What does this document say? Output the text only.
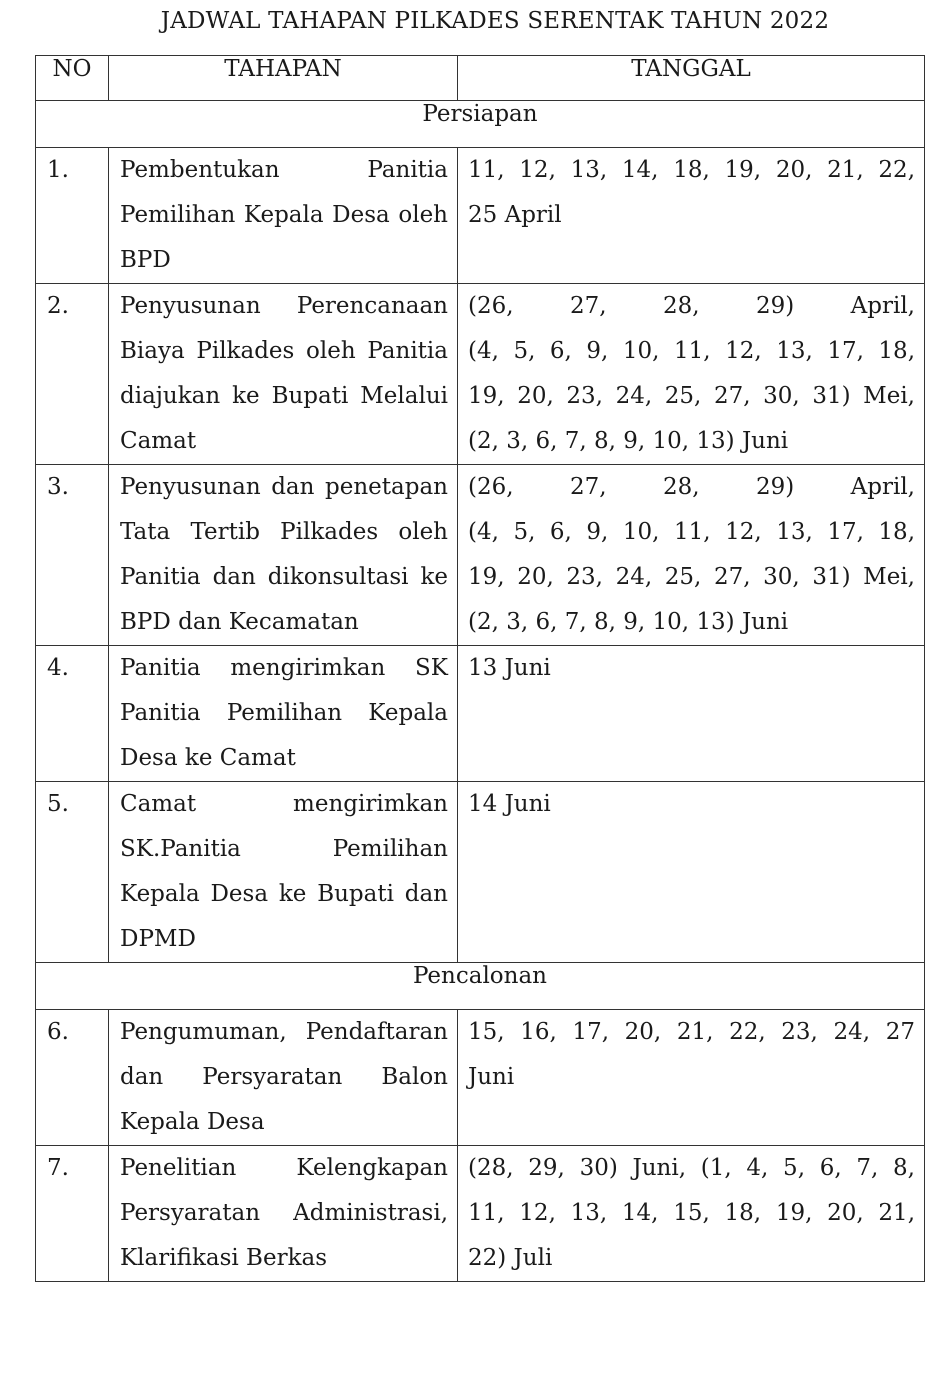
JADWAL TAHAPAN PILKADES SERENTAK TAHUN 2022
NO	TAHAPAN	TANGGAL
Persiapan		

1.	Pembentukan Panitia Pemilihan Kepala Desa oleh BPD	11, 12, 13, 14, 18, 19, 20, 21, 22,
25 April

2.	Penyusunan Perencanaan Biaya Pilkades oleh Panitia diajukan ke Bupati Melalui Camat	(26, 27, 28, 29) April,
(4, 5, 6, 9, 10, 11, 12, 13, 17, 18,
19, 20, 23, 24, 25, 27, 30, 31) Mei,
(2, 3, 6, 7, 8, 9, 10, 13) Juni

3.	Penyusunan dan penetapan Tata Tertib Pilkades oleh Panitia dan dikonsultasi ke BPD dan Kecamatan	(26, 27, 28, 29) April,
(4, 5, 6, 9, 10, 11, 12, 13, 17, 18,
19, 20, 23, 24, 25, 27, 30, 31) Mei,
(2, 3, 6, 7, 8, 9, 10, 13) Juni

4.	Panitia mengirimkan SK Panitia Pemilihan Kepala Desa ke Camat	13 Juni

5.	Camat mengirimkan SK.Panitia Pemilihan Kepala Desa ke Bupati dan DPMD	14 Juni

Pencalonan		

6.	Pengumuman, Pendaftaran dan Persyaratan Balon Kepala Desa	15, 16, 17, 20, 21, 22, 23, 24, 27
Juni

7.	Penelitian Kelengkapan Persyaratan Administrasi, Klarifikasi Berkas	(28, 29, 30) Juni, (1, 4, 5, 6, 7, 8,
11, 12, 13, 14, 15, 18, 19, 20, 21,
22) Juli
